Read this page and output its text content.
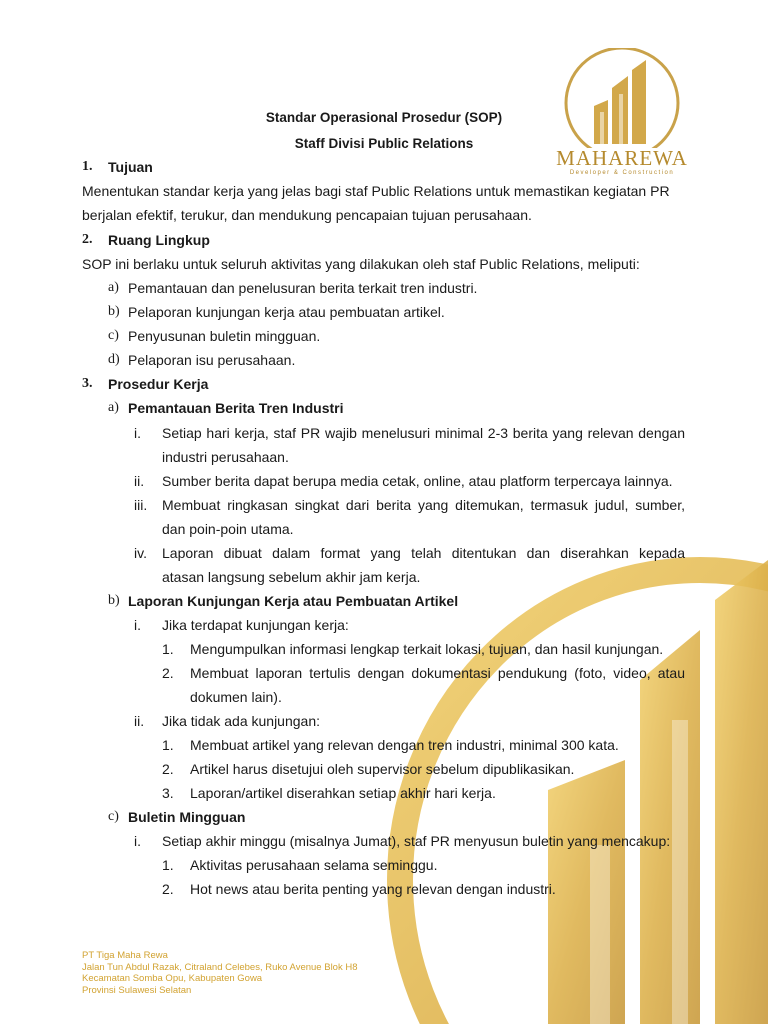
MAHAREWA
Developer & Construction
Standar Operasional Prosedur (SOP)
Staff Divisi Public Relations
1. Tujuan
Menentukan standar kerja yang jelas bagi staf Public Relations untuk memastikan kegiatan PR
berjalan efektif, terukur, dan mendukung pencapaian tujuan perusahaan.
2. Ruang Lingkup
SOP ini berlaku untuk seluruh aktivitas yang dilakukan oleh staf Public Relations, meliputi:
a) Pemantauan dan penelusuran berita terkait tren industri.
b) Pelaporan kunjungan kerja atau pembuatan artikel.
c) Penyusunan buletin mingguan.
d) Pelaporan isu perusahaan.
3. Prosedur Kerja
a) Pemantauan Berita Tren Industri
i. Setiap hari kerja, staf PR wajib menelusuri minimal 2-3 berita yang relevan dengan
industri perusahaan.
ii. Sumber berita dapat berupa media cetak, online, atau platform terpercaya lainnya.
iii. Membuat ringkasan singkat dari berita yang ditemukan, termasuk judul, sumber,
dan poin-poin utama.
iv. Laporan dibuat dalam format yang telah ditentukan dan diserahkan kepada
atasan langsung sebelum akhir jam kerja.
b) Laporan Kunjungan Kerja atau Pembuatan Artikel
i. Jika terdapat kunjungan kerja:
1. Mengumpulkan informasi lengkap terkait lokasi, tujuan, dan hasil kunjungan.
2. Membuat laporan tertulis dengan dokumentasi pendukung (foto, video, atau
dokumen lain).
ii. Jika tidak ada kunjungan:
1. Membuat artikel yang relevan dengan tren industri, minimal 300 kata.
2. Artikel harus disetujui oleh supervisor sebelum dipublikasikan.
3. Laporan/artikel diserahkan setiap akhir hari kerja.
c) Buletin Mingguan
i. Setiap akhir minggu (misalnya Jumat), staf PR menyusun buletin yang mencakup:
1. Aktivitas perusahaan selama seminggu.
2. Hot news atau berita penting yang relevan dengan industri.
PT Tiga Maha Rewa
Jalan Tun Abdul Razak, Citraland Celebes, Ruko Avenue Blok H8
Kecamatan Somba Opu, Kabupaten Gowa
Provinsi Sulawesi Selatan
